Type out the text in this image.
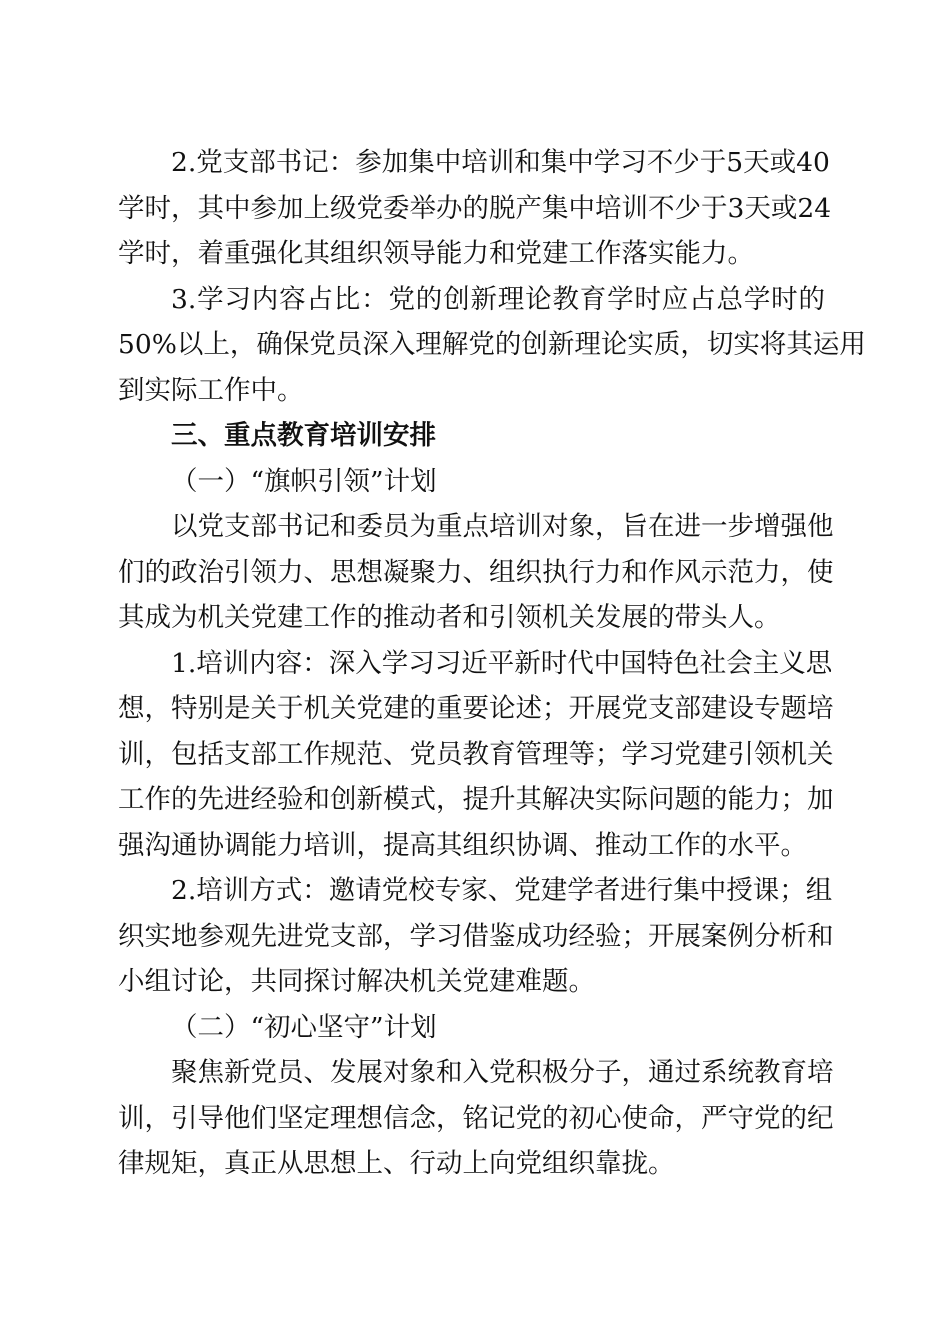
2.党支部书记：参加集中培训和集中学习不少于5天或40
学时，其中参加上级党委举办的脱产集中培训不少于3天或24
学时，着重强化其组织领导能力和党建工作落实能力。
3.学习内容占比：党的创新理论教育学时应占总学时的
50%以上，确保党员深入理解党的创新理论实质，切实将其运用
到实际工作中。
三、重点教育培训安排
（一）“旗帜引领”计划
以党支部书记和委员为重点培训对象，旨在进一步增强他
们的政治引领力、思想凝聚力、组织执行力和作风示范力，使
其成为机关党建工作的推动者和引领机关发展的带头人。
1.培训内容：深入学习习近平新时代中国特色社会主义思
想，特别是关于机关党建的重要论述；开展党支部建设专题培
训，包括支部工作规范、党员教育管理等；学习党建引领机关
工作的先进经验和创新模式，提升其解决实际问题的能力；加
强沟通协调能力培训，提高其组织协调、推动工作的水平。
2.培训方式：邀请党校专家、党建学者进行集中授课；组
织实地参观先进党支部，学习借鉴成功经验；开展案例分析和
小组讨论，共同探讨解决机关党建难题。
（二）“初心坚守”计划
聚焦新党员、发展对象和入党积极分子，通过系统教育培
训，引导他们坚定理想信念，铭记党的初心使命，严守党的纪
律规矩，真正从思想上、行动上向党组织靠拢。
